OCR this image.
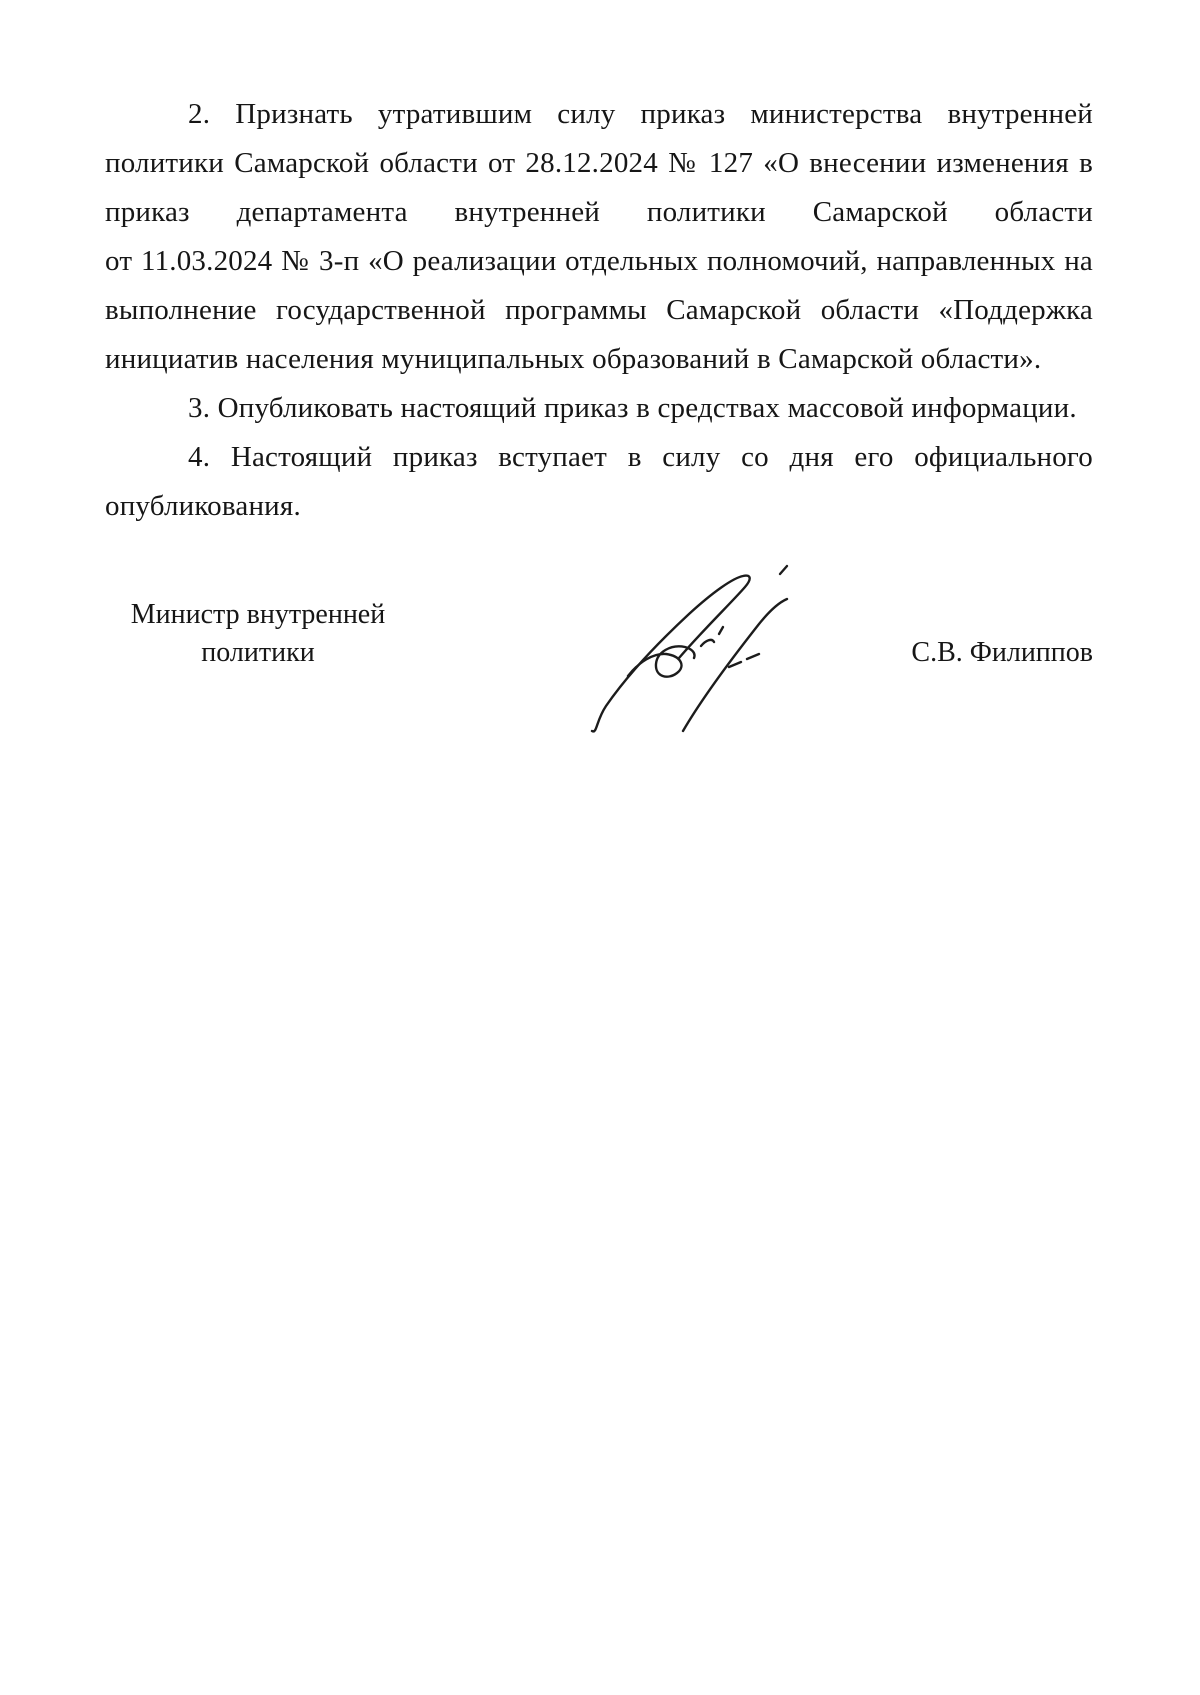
2. Признать утратившим силу приказ министерства внутренней политики Самарской области от 28.12.2024 № 127 «О внесении изменения в приказ департамента внутренней политики Самарской области от 11.03.2024 № 3-п «О реализации отдельных полномочий, направленных на выполнение государственной программы Самарской области «Поддержка инициатив населения муниципальных образований в Самарской области».

3. Опубликовать настоящий приказ в средствах массовой информации.

4. Настоящий приказ вступает в силу со дня его официального опубликования.

Министр внутренней
политики	С.В. Филиппов
